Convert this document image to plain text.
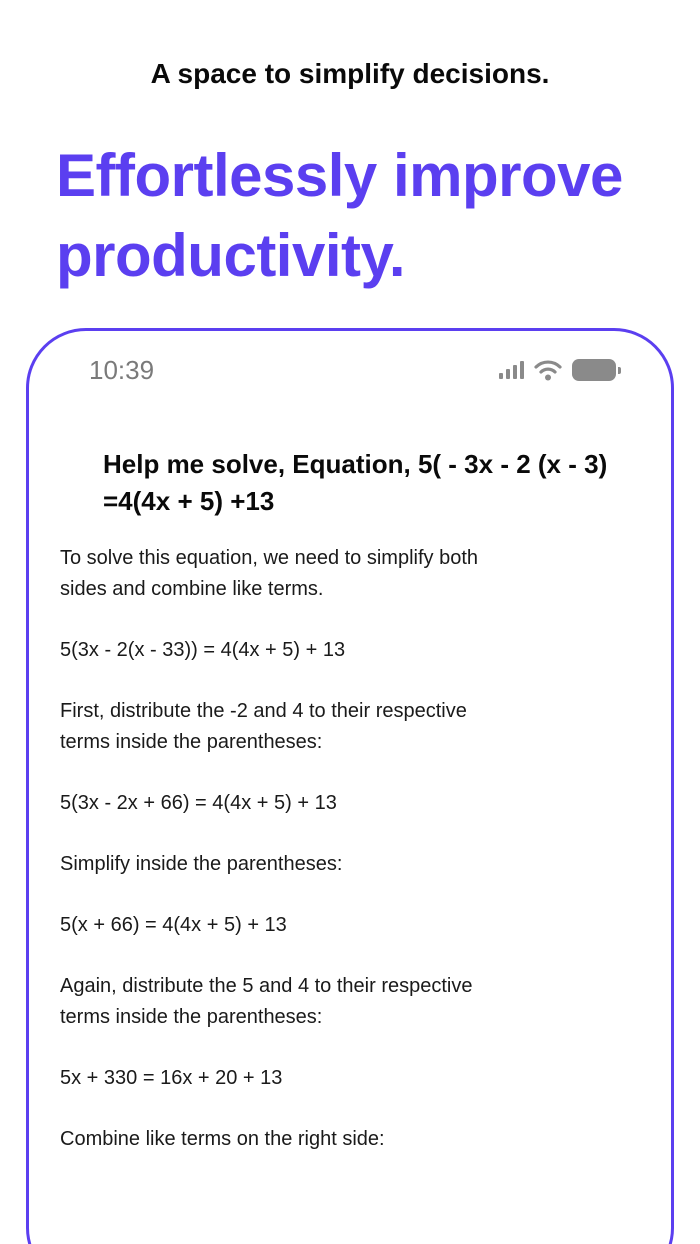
A space to simplify decisions.
Effortlessly improve productivity.
10:39
Help me solve, Equation, 5( - 3x - 2 (x - 3) =4(4x + 5) +13

To solve this equation, we need to simplify both sides and combine like terms.

5(3x - 2(x - 33)) = 4(4x + 5) + 13

First, distribute the -2 and 4 to their respective terms inside the parentheses:

5(3x - 2x + 66) = 4(4x + 5) + 13

Simplify inside the parentheses:

5(x + 66) = 4(4x + 5) + 13

Again, distribute the 5 and 4 to their respective terms inside the parentheses:

5x + 330 = 16x + 20 + 13

Combine like terms on the right side:
